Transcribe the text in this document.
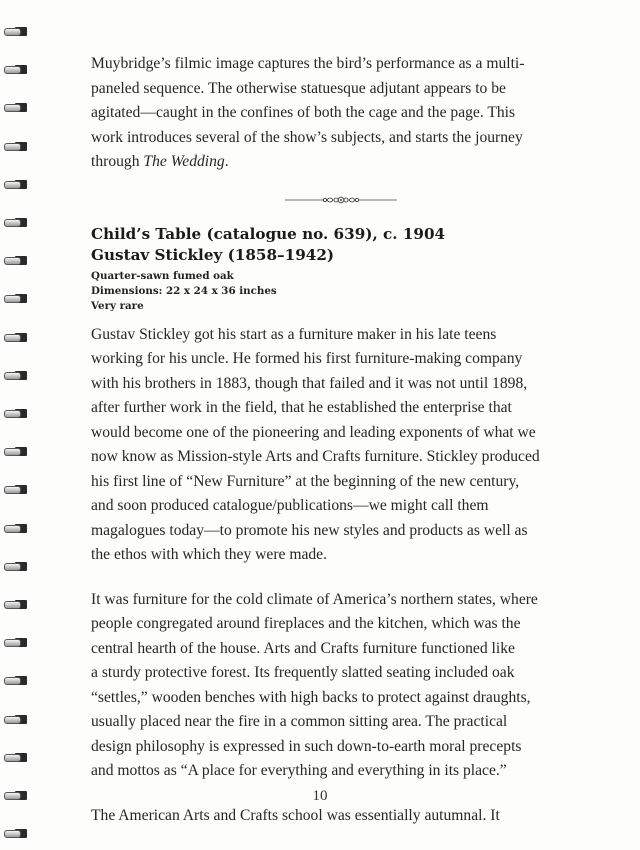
Muybridge’s filmic image captures the bird’s performance as a multi-
paneled sequence. The otherwise statuesque adjutant appears to be
agitated—caught in the confines of both the cage and the page. This
work introduces several of the show’s subjects, and starts the journey
through The Wedding.

Child’s Table (catalogue no. 639), c. 1904
Gustav Stickley (1858–1942)
Quarter-sawn fumed oak
Dimensions: 22 x 24 x 36 inches
Very rare

Gustav Stickley got his start as a furniture maker in his late teens
working for his uncle. He formed his first furniture-making company
with his brothers in 1883, though that failed and it was not until 1898,
after further work in the field, that he established the enterprise that
would become one of the pioneering and leading exponents of what we
now know as Mission-style Arts and Crafts furniture. Stickley produced
his first line of “New Furniture” at the beginning of the new century,
and soon produced catalogue/publications—we might call them
magalogues today—to promote his new styles and products as well as
the ethos with which they were made.

It was furniture for the cold climate of America’s northern states, where
people congregated around fireplaces and the kitchen, which was the
central hearth of the house. Arts and Crafts furniture functioned like
a sturdy protective forest. Its frequently slatted seating included oak
“settles,” wooden benches with high backs to protect against draughts,
usually placed near the fire in a common sitting area. The practical
design philosophy is expressed in such down-to-earth moral precepts
and mottos as “A place for everything and everything in its place.”

The American Arts and Crafts school was essentially autumnal. It

10
